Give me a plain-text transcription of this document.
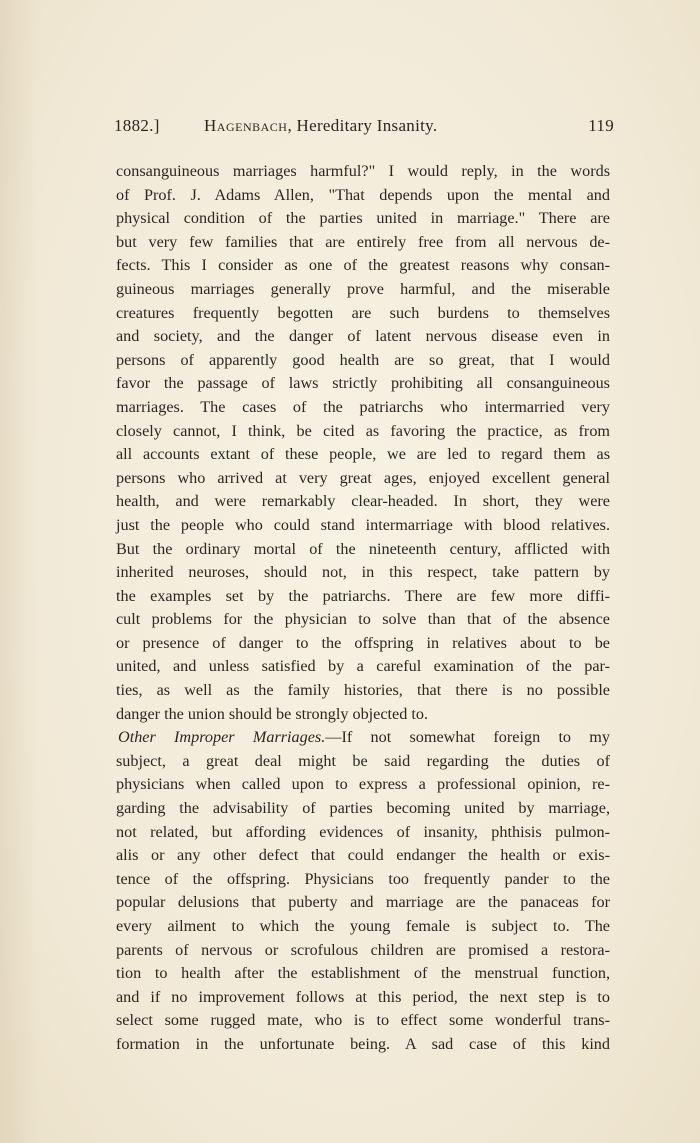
1882.]	Hagenbach, Hereditary Insanity.	119
consanguineous marriages harmful?" I would reply, in the words
of Prof. J. Adams Allen, "That depends upon the mental and
physical condition of the parties united in marriage." There are
but very few families that are entirely free from all nervous de-
fects. This I consider as one of the greatest reasons why consan-
guineous marriages generally prove harmful, and the miserable
creatures frequently begotten are such burdens to themselves
and society, and the danger of latent nervous disease even in
persons of apparently good health are so great, that I would
favor the passage of laws strictly prohibiting all consanguineous
marriages. The cases of the patriarchs who intermarried very
closely cannot, I think, be cited as favoring the practice, as from
all accounts extant of these people, we are led to regard them as
persons who arrived at very great ages, enjoyed excellent general
health, and were remarkably clear-headed. In short, they were
just the people who could stand intermarriage with blood relatives.
But the ordinary mortal of the nineteenth century, afflicted with
inherited neuroses, should not, in this respect, take pattern by
the examples set by the patriarchs. There are few more diffi-
cult problems for the physician to solve than that of the absence
or presence of danger to the offspring in relatives about to be
united, and unless satisfied by a careful examination of the par-
ties, as well as the family histories, that there is no possible
danger the union should be strongly objected to.
Other Improper Marriages.—If not somewhat foreign to my
subject, a great deal might be said regarding the duties of
physicians when called upon to express a professional opinion, re-
garding the advisability of parties becoming united by marriage,
not related, but affording evidences of insanity, phthisis pulmon-
alis or any other defect that could endanger the health or exis-
tence of the offspring. Physicians too frequently pander to the
popular delusions that puberty and marriage are the panaceas for
every ailment to which the young female is subject to. The
parents of nervous or scrofulous children are promised a restora-
tion to health after the establishment of the menstrual function,
and if no improvement follows at this period, the next step is to
select some rugged mate, who is to effect some wonderful trans-
formation in the unfortunate being. A sad case of this kind
